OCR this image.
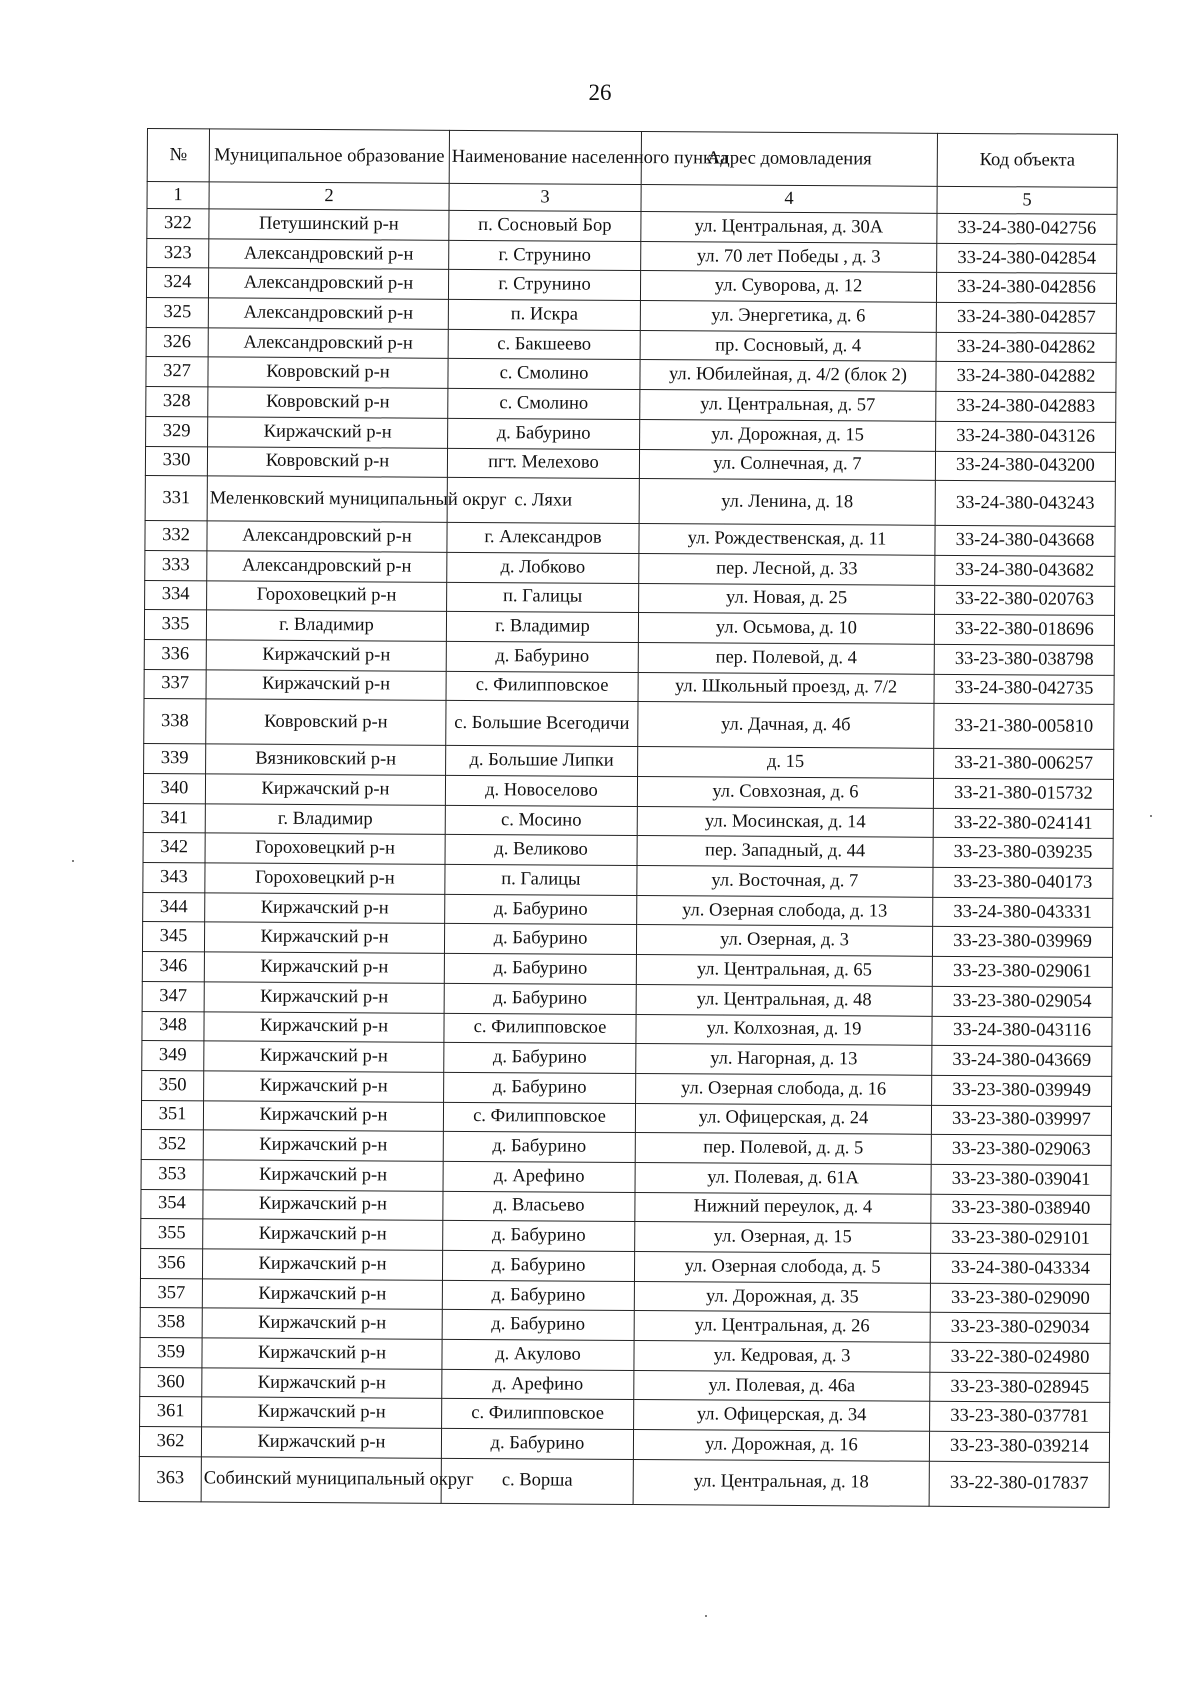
26
№	Муниципальное образование	Наименование населенного пункта	Адрес домовладения	Код объекта
1	2	3	4	5
322	Петушинский р-н	п. Сосновый Бор	ул. Центральная, д. 30А	33-24-380-042756
323	Александровский р-н	г. Струнино	ул. 70 лет Победы , д. 3	33-24-380-042854
324	Александровский р-н	г. Струнино	ул. Суворова, д. 12	33-24-380-042856
325	Александровский р-н	п. Искра	ул. Энергетика, д. 6	33-24-380-042857
326	Александровский р-н	с. Бакшеево	пр. Сосновый, д. 4	33-24-380-042862
327	Ковровский р-н	с. Смолино	ул. Юбилейная, д. 4/2 (блок 2)	33-24-380-042882
328	Ковровский р-н	с. Смолино	ул. Центральная, д. 57	33-24-380-042883
329	Киржачский р-н	д. Бабурино	ул. Дорожная, д. 15	33-24-380-043126
330	Ковровский р-н	пгт. Мелехово	ул. Солнечная, д. 7	33-24-380-043200
331	Меленковский муниципальный округ	с. Ляхи	ул. Ленина, д. 18	33-24-380-043243
332	Александровский р-н	г. Александров	ул. Рождественская, д. 11	33-24-380-043668
333	Александровский р-н	д. Лобково	пер. Лесной, д. 33	33-24-380-043682
334	Гороховецкий р-н	п. Галицы	ул. Новая, д. 25	33-22-380-020763
335	г. Владимир	г. Владимир	ул. Осьмова, д. 10	33-22-380-018696
336	Киржачский р-н	д. Бабурино	пер. Полевой, д. 4	33-23-380-038798
337	Киржачский р-н	с. Филипповское	ул. Школьный проезд, д. 7/2	33-24-380-042735
338	Ковровский р-н	с. Большие Всегодичи	ул. Дачная, д. 4б	33-21-380-005810
339	Вязниковский р-н	д. Большие Липки	д. 15	33-21-380-006257
340	Киржачский р-н	д. Новоселово	ул. Совхозная, д. 6	33-21-380-015732
341	г. Владимир	с. Мосино	ул. Мосинская, д. 14	33-22-380-024141
342	Гороховецкий р-н	д. Великово	пер. Западный, д. 44	33-23-380-039235
343	Гороховецкий р-н	п. Галицы	ул. Восточная, д. 7	33-23-380-040173
344	Киржачский р-н	д. Бабурино	ул. Озерная слобода, д. 13	33-24-380-043331
345	Киржачский р-н	д. Бабурино	ул. Озерная, д. 3	33-23-380-039969
346	Киржачский р-н	д. Бабурино	ул. Центральная, д. 65	33-23-380-029061
347	Киржачский р-н	д. Бабурино	ул. Центральная, д. 48	33-23-380-029054
348	Киржачский р-н	с. Филипповское	ул. Колхозная, д. 19	33-24-380-043116
349	Киржачский р-н	д. Бабурино	ул. Нагорная, д. 13	33-24-380-043669
350	Киржачский р-н	д. Бабурино	ул. Озерная слобода, д. 16	33-23-380-039949
351	Киржачский р-н	с. Филипповское	ул. Офицерская, д. 24	33-23-380-039997
352	Киржачский р-н	д. Бабурино	пер. Полевой, д. д. 5	33-23-380-029063
353	Киржачский р-н	д. Арефино	ул. Полевая, д. 61А	33-23-380-039041
354	Киржачский р-н	д. Власьево	Нижний переулок, д. 4	33-23-380-038940
355	Киржачский р-н	д. Бабурино	ул. Озерная, д. 15	33-23-380-029101
356	Киржачский р-н	д. Бабурино	ул. Озерная слобода, д. 5	33-24-380-043334
357	Киржачский р-н	д. Бабурино	ул. Дорожная, д. 35	33-23-380-029090
358	Киржачский р-н	д. Бабурино	ул. Центральная, д. 26	33-23-380-029034
359	Киржачский р-н	д. Акулово	ул. Кедровая, д. 3	33-22-380-024980
360	Киржачский р-н	д. Арефино	ул. Полевая, д. 46а	33-23-380-028945
361	Киржачский р-н	с. Филипповское	ул. Офицерская, д. 34	33-23-380-037781
362	Киржачский р-н	д. Бабурино	ул. Дорожная, д. 16	33-23-380-039214
363	Собинский муниципальный округ	с. Ворша	ул. Центральная, д. 18	33-22-380-017837
